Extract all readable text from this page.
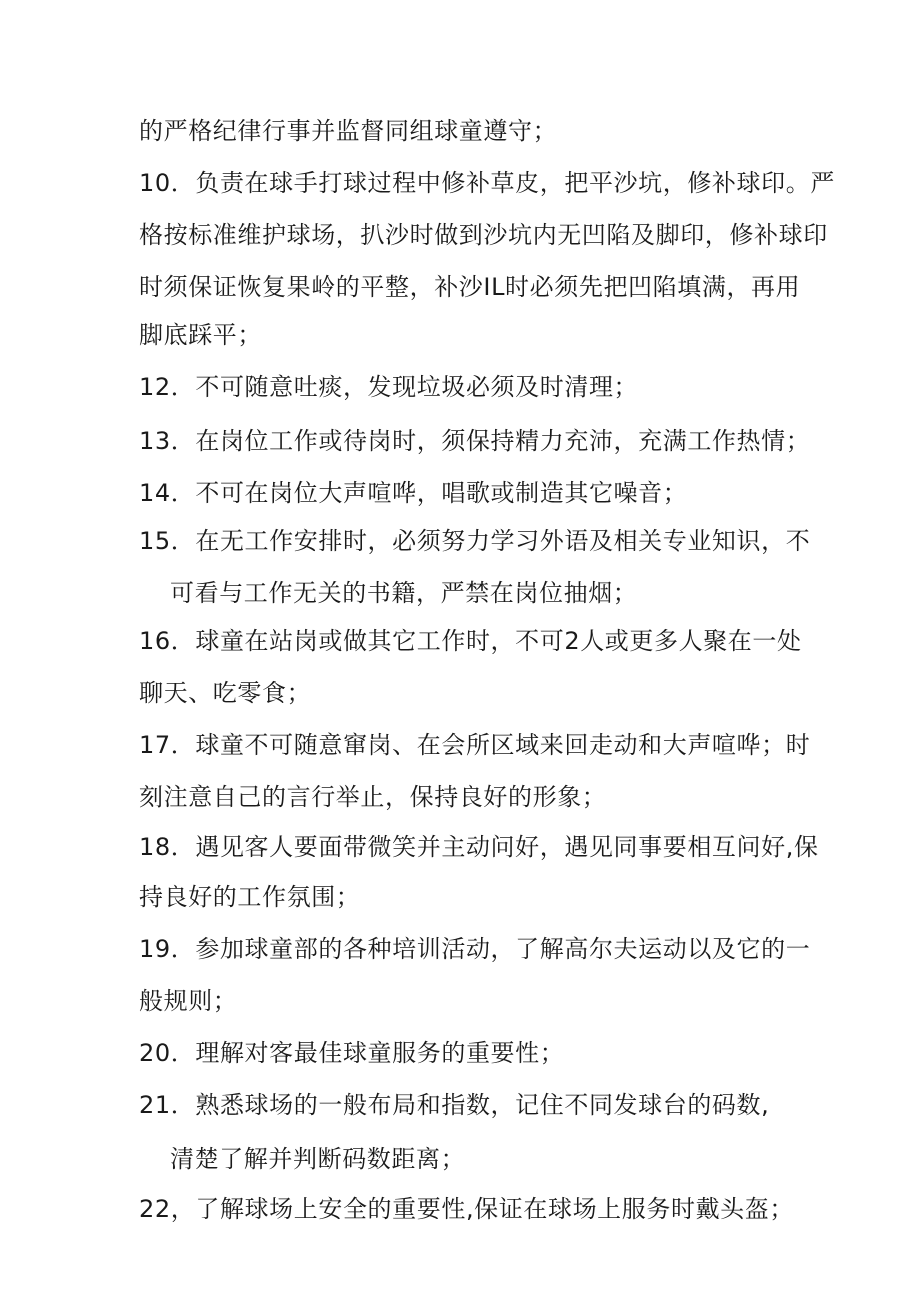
的严格纪律行事并监督同组球童遵守；
10．负责在球手打球过程中修补草皮，把平沙坑，修补球印。严
格按标准维护球场，扒沙时做到沙坑内无凹陷及脚印，修补球印
时须保证恢复果岭的平整，补沙IL时必须先把凹陷填满，再用
脚底踩平；
12．不可随意吐痰，发现垃圾必须及时清理；
13．在岗位工作或待岗时，须保持精力充沛，充满工作热情；
14．不可在岗位大声喧哗，唱歌或制造其它噪音；
15．在无工作安排时，必须努力学习外语及相关专业知识，不
可看与工作无关的书籍，严禁在岗位抽烟；
16．球童在站岗或做其它工作时，不可2人或更多人聚在一处
聊天、吃零食；
17．球童不可随意窜岗、在会所区域来回走动和大声喧哗；时
刻注意自己的言行举止，保持良好的形象；
18．遇见客人要面带微笑并主动问好，遇见同事要相互问好,保
持良好的工作氛围；
19．参加球童部的各种培训活动，了解高尔夫运动以及它的一
般规则；
20．理解对客最佳球童服务的重要性；
21．熟悉球场的一般布局和指数，记住不同发球台的码数,
清楚了解并判断码数距离；
22，了解球场上安全的重要性,保证在球场上服务时戴头盔；
